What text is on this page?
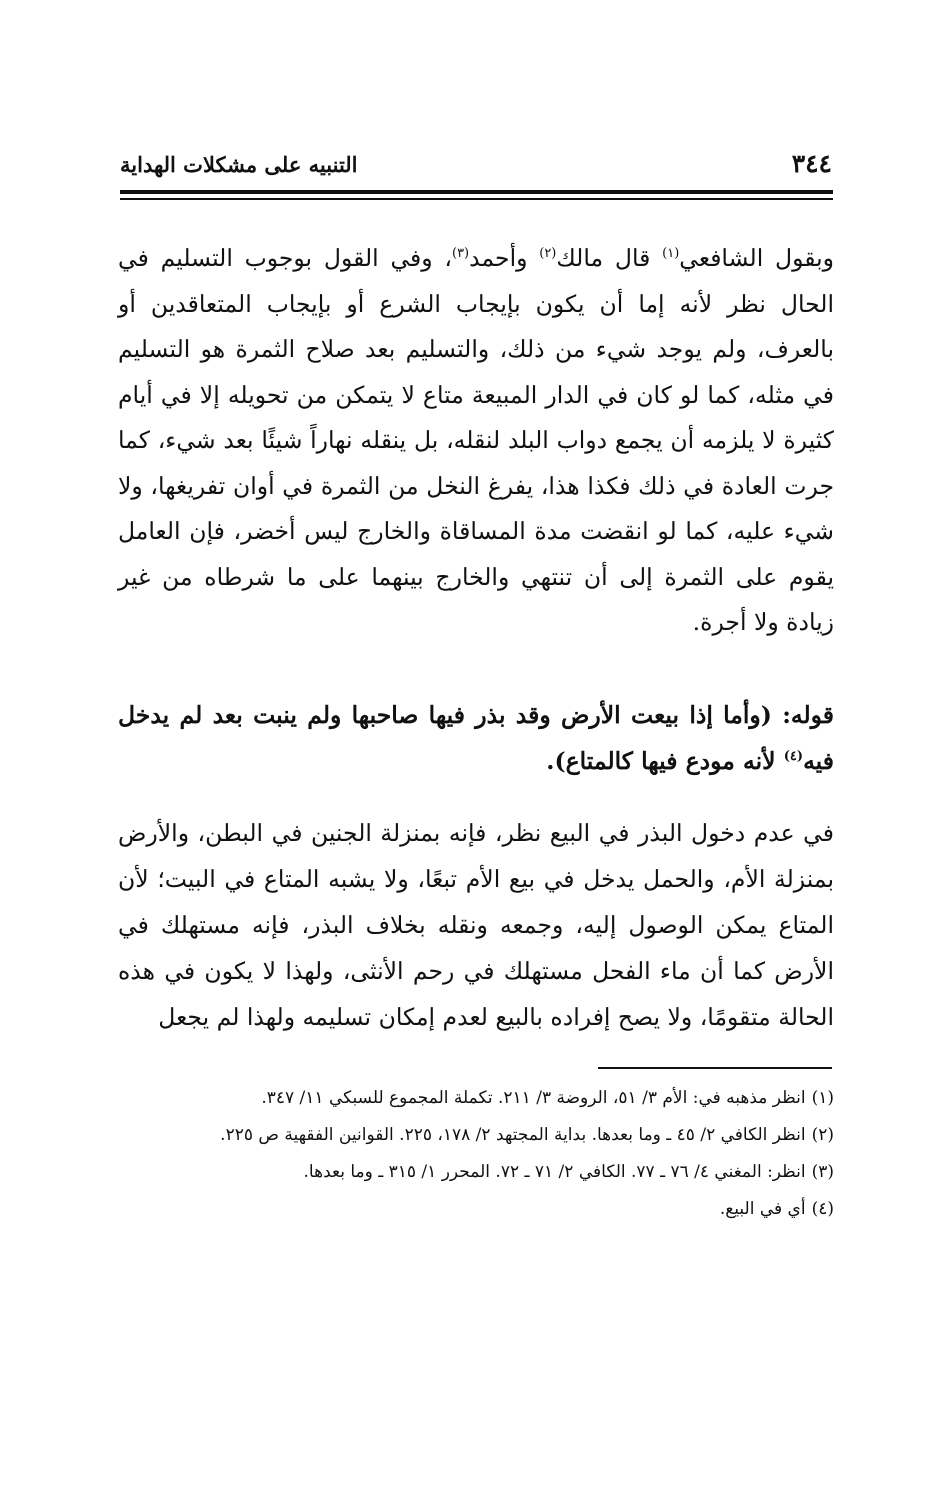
٣٤٤
التنبيه على مشكلات الهداية

وبقول الشافعي$^{(١)}$ قال مالك$^{(٢)}$ وأحمد$^{(٣)}$، وفي القول بوجوب التسليم في الحال نظر لأنه إما أن يكون بإيجاب الشرع أو بإيجاب المتعاقدين أو بالعرف، ولم يوجد شيء من ذلك، والتسليم بعد صلاح الثمرة هو التسليم في مثله، كما لو كان في الدار المبيعة متاع لا يتمكن من تحويله إلا في أيام كثيرة لا يلزمه أن يجمع دواب البلد لنقله، بل ينقله نهاراً شيئًا بعد شيء، كما جرت العادة في ذلك فكذا هذا، يفرغ النخل من الثمرة في أوان تفريغها، ولا شيء عليه، كما لو انقضت مدة المساقاة والخارج ليس أخضر، فإن العامل يقوم على الثمرة إلى أن تنتهي والخارج بينهما على ما شرطاه من غير زيادة ولا أجرة.

قوله: (وأما إذا بيعت الأرض وقد بذر فيها صاحبها ولم ينبت بعد لم يدخل فيه$^{(٤)}$ لأنه مودع فيها كالمتاع).

في عدم دخول البذر في البيع نظر، فإنه بمنزلة الجنين في البطن، والأرض بمنزلة الأم، والحمل يدخل في بيع الأم تبعًا، ولا يشبه المتاع في البيت؛ لأن المتاع يمكن الوصول إليه، وجمعه ونقله بخلاف البذر، فإنه مستهلك في الأرض كما أن ماء الفحل مستهلك في رحم الأنثى، ولهذا لا يكون في هذه الحالة متقومًا، ولا يصح إفراده بالبيع لعدم إمكان تسليمه ولهذا لم يجعل

(١)انظر مذهبه في: الأم ٣/ ٥١، الروضة ٣/ ٢١١. تكملة المجموع للسبكي ١١/ ٣٤٧.

(٢)انظر الكافي ٢/ ٤٥ ـ وما بعدها. بداية المجتهد ٢/ ١٧٨، ٢٢٥. القوانين الفقهية ص ٢٢٥.

(٣)انظر: المغني ٤/ ٧٦ ـ ٧٧. الكافي ٢/ ٧١ ـ ٧٢. المحرر ١/ ٣١٥ ـ وما بعدها.

(٤)أي في البيع.
